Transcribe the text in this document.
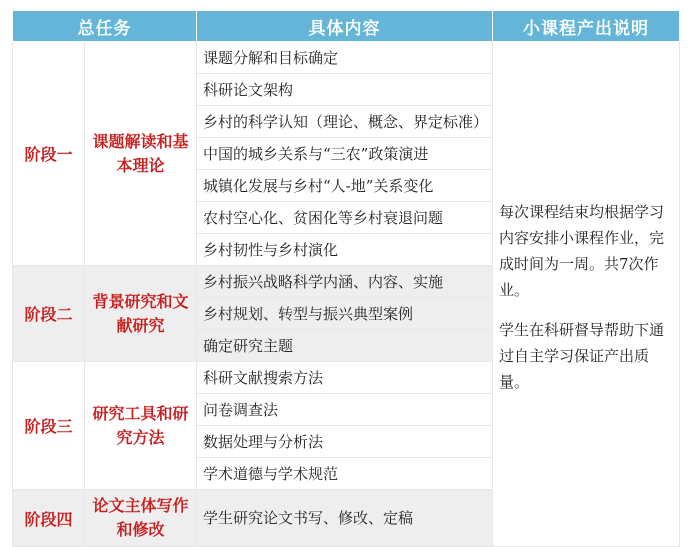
总任务		具体内容	小课程产出说明
阶段一	课题解读和基本理论	课题分解和目标确定	每次课程结束均根据学习内容安排小课程作业，完成时间为一周。共7次作业。
学生在科研督导帮助下通过自主学习保证产出质量。

		科研论文架构	
		乡村的科学认知（理论、概念、界定标准）	
		中国的城乡关系与“三农”政策演进	
		城镇化发展与乡村“人-地”关系变化	
		农村空心化、贫困化等乡村衰退问题	
		乡村韧性与乡村演化	
阶段二	背景研究和文献研究	乡村振兴战略科学内涵、内容、实施	
		乡村规划、转型与振兴典型案例	
		确定研究主题	
阶段三	研究工具和研究方法	科研文献搜索方法	
		问卷调查法	
		数据处理与分析法	
		学术道德与学术规范	
阶段四	论文主体写作和修改	学生研究论文书写、修改、定稿	
